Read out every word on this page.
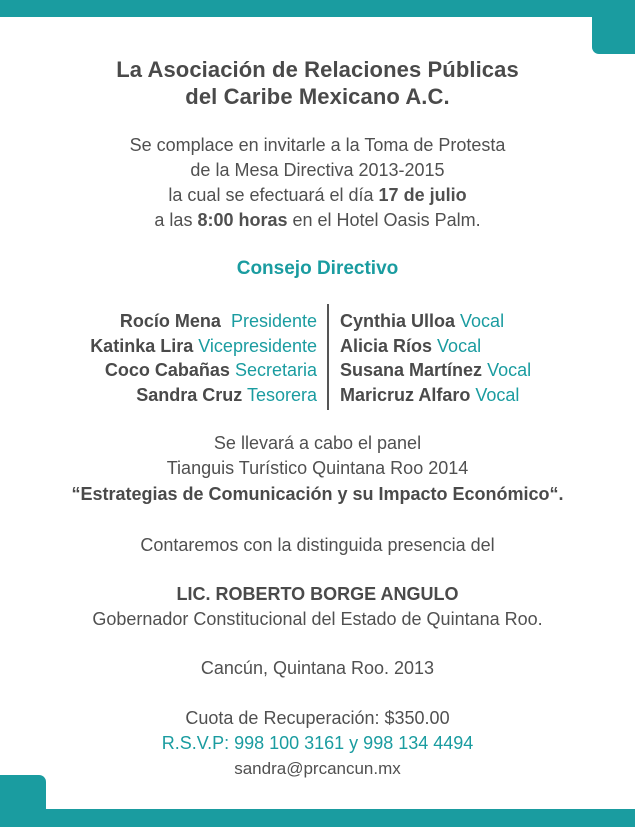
La Asociación de Relaciones Públicas
del Caribe Mexicano A.C.
Se complace en invitarle a la Toma de Protesta
de la Mesa Directiva 2013-2015
la cual se efectuará el día 17 de julio
a las 8:00 horas en el Hotel Oasis Palm.
Consejo Directivo
Rocío Mena Presidente
Katinka Lira Vicepresidente
Coco Cabañas Secretaria
Sandra Cruz Tesorera
Cynthia Ulloa Vocal
Alicia Ríos Vocal
Susana Martínez Vocal
Maricruz Alfaro Vocal
Se llevará a cabo el panel
Tianguis Turístico Quintana Roo 2014
“Estrategias de Comunicación y su Impacto Económico“.
Contaremos con la distinguida presencia del
LIC. ROBERTO BORGE ANGULO
Gobernador Constitucional del Estado de Quintana Roo.
Cancún, Quintana Roo. 2013
Cuota de Recuperación: $350.00
R.S.V.P: 998 100 3161 y 998 134 4494
sandra@prcancun.mx
